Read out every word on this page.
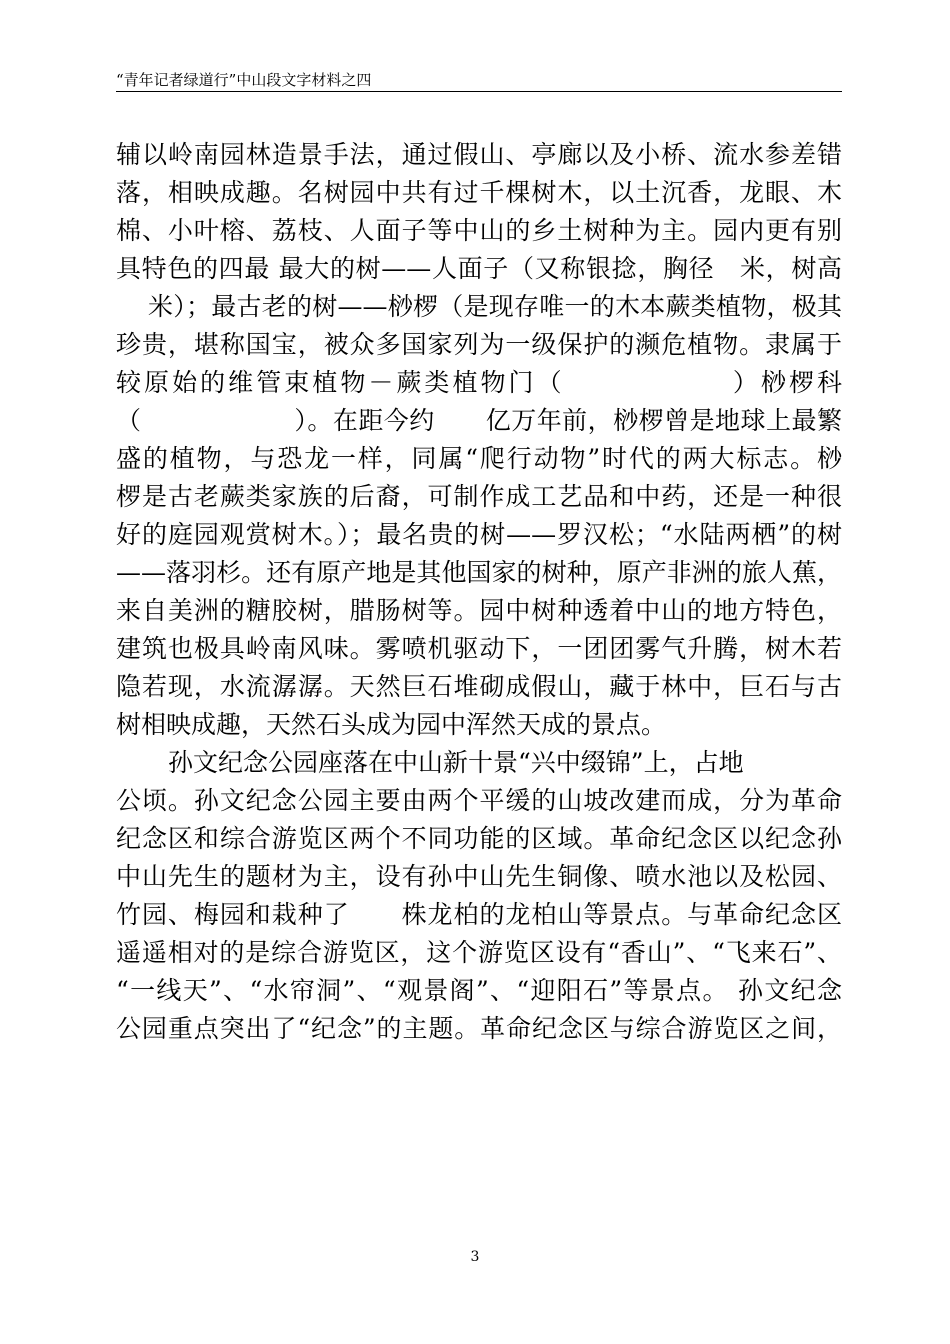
“青年记者绿道行”中山段文字材料之四
辅以岭南园林造景手法，通过假山、亭廊以及小桥、流水参差错
落，相映成趣。名树园中共有过千棵树木，以土沉香，龙眼、木
棉、小叶榕、荔枝、人面子等中山的乡土树种为主。园内更有别
具特色的四最 最大的树——人面子（又称银捻，胸径　米，树高
米）；最古老的树——桫椤（是现存唯一的木本蕨类植物，极其
珍贵，堪称国宝，被众多国家列为一级保护的濒危植物。隶属于
较原始的维管束植物－蕨类植物门（　　　　　　）桫椤科
（　　　　　　）。在距今约　　亿万年前，桫椤曾是地球上最繁
盛的植物，与恐龙一样，同属“爬行动物”时代的两大标志。桫
椤是古老蕨类家族的后裔，可制作成工艺品和中药，还是一种很
好的庭园观赏树木。）；最名贵的树——罗汉松；“水陆两栖”的树
——落羽杉。还有原产地是其他国家的树种，原产非洲的旅人蕉，
来自美洲的糖胶树，腊肠树等。园中树种透着中山的地方特色，
建筑也极具岭南风味。雾喷机驱动下，一团团雾气升腾，树木若
隐若现，水流潺潺。天然巨石堆砌成假山，藏于林中，巨石与古
树相映成趣，天然石头成为园中浑然天成的景点。
孙文纪念公园座落在中山新十景“兴中缀锦”上，占地
公顷。孙文纪念公园主要由两个平缓的山坡改建而成，分为革命
纪念区和综合游览区两个不同功能的区域。革命纪念区以纪念孙
中山先生的题材为主，设有孙中山先生铜像、喷水池以及松园、
竹园、梅园和栽种了　　株龙柏的龙柏山等景点。与革命纪念区
遥遥相对的是综合游览区，这个游览区设有“香山”、“飞来石”、
“一线天”、“水帘洞”、“观景阁”、“迎阳石”等景点。 孙文纪念
公园重点突出了“纪念”的主题。革命纪念区与综合游览区之间，
3
